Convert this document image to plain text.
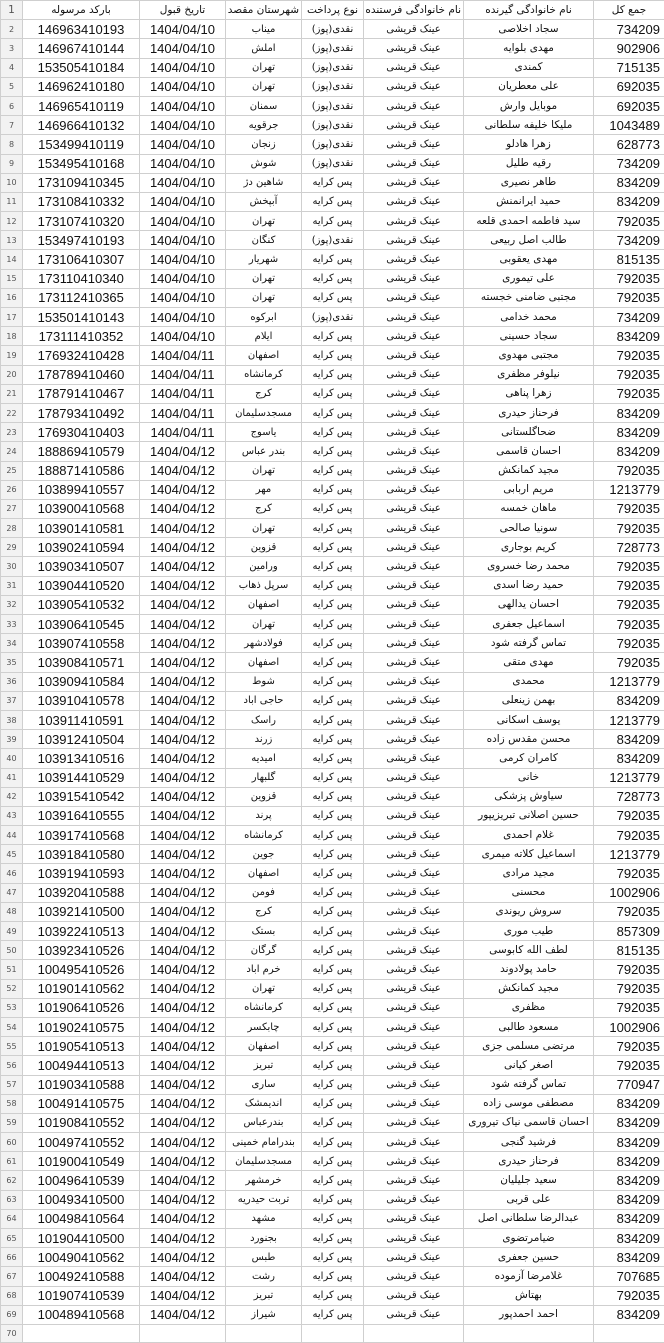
1	بارکد مرسوله	تاریخ قبول	شهرستان مقصد	نوع پرداخت	نام خانوادگی فرستنده	نام خانوادگی گیرنده	جمع کل
2	146963410193	1404/04/10	میناب	نقدی(پوز)	عینک قریشی	سجاد اخلاصی	734209
3	146967410144	1404/04/10	املش	نقدی(پوز)	عینک قریشی	مهدی بلوایه	902906
4	153505410184	1404/04/10	تهران	نقدی(پوز)	عینک قریشی	کمندی	715135
5	146962410180	1404/04/10	تهران	نقدی(پوز)	عینک قریشی	علی معطریان	692035
6	146965410119	1404/04/10	سمنان	نقدی(پوز)	عینک قریشی	موبایل وارش	692035
7	146966410132	1404/04/10	جرقویه	نقدی(پوز)	عینک قریشی	ملیکا خلیفه سلطانی	1043489
8	153499410119	1404/04/10	زنجان	نقدی(پوز)	عینک قریشی	زهرا هادلو	628773
9	153495410168	1404/04/10	شوش	نقدی(پوز)	عینک قریشی	رقیه طلیل	734209
10	173109410345	1404/04/10	شاهین دژ	پس کرایه	عینک قریشی	طاهر نصیری	834209
11	173108410332	1404/04/10	آبپخش	پس کرایه	عینک قریشی	حمید ایرانمنش	834209
12	173107410320	1404/04/10	تهران	پس کرایه	عینک قریشی	سید فاطمه احمدی قلعه	792035
13	153497410193	1404/04/10	کنگان	نقدی(پوز)	عینک قریشی	طالب اصل ربیعی	734209
14	173106410307	1404/04/10	شهریار	پس کرایه	عینک قریشی	مهدی یعقوبی	815135
15	173110410340	1404/04/10	تهران	پس کرایه	عینک قریشی	علی تیموری	792035
16	173112410365	1404/04/10	تهران	پس کرایه	عینک قریشی	مجتبی ضامنی خجسته	792035
17	153501410143	1404/04/10	ابرکوه	نقدی(پوز)	عینک قریشی	محمد خدامی	734209
18	173111410352	1404/04/10	ایلام	پس کرایه	عینک قریشی	سجاد حسینی	834209
19	176932410428	1404/04/11	اصفهان	پس کرایه	عینک قریشی	مجتبی مهدوی	792035
20	178789410460	1404/04/11	کرمانشاه	پس کرایه	عینک قریشی	نیلوفر مظفری	792035
21	178791410467	1404/04/11	کرج	پس کرایه	عینک قریشی	زهرا پناهی	792035
22	178793410492	1404/04/11	مسجدسلیمان	پس کرایه	عینک قریشی	فرحناز حیدری	834209
23	176930410403	1404/04/11	یاسوج	پس کرایه	عینک قریشی	ضحاگلستانی	834209
24	188869410579	1404/04/12	بندر عباس	پس کرایه	عینک قریشی	احسان قاسمی	834209
25	188871410586	1404/04/12	تهران	پس کرایه	عینک قریشی	مجید کمانکش	792035
26	103899410557	1404/04/12	مهر	پس کرایه	عینک قریشی	مریم اربابی	1213779
27	103900410568	1404/04/12	کرج	پس کرایه	عینک قریشی	ماهان خمسه	792035
28	103901410581	1404/04/12	تهران	پس کرایه	عینک قریشی	سونیا صالحی	792035
29	103902410594	1404/04/12	قزوین	پس کرایه	عینک قریشی	کریم بوجاری	728773
30	103903410507	1404/04/12	ورامین	پس کرایه	عینک قریشی	محمد رضا خسروی	792035
31	103904410520	1404/04/12	سرپل ذهاب	پس کرایه	عینک قریشی	حمید رضا اسدی	792035
32	103905410532	1404/04/12	اصفهان	پس کرایه	عینک قریشی	احسان یدالهی	792035
33	103906410545	1404/04/12	تهران	پس کرایه	عینک قریشی	اسماعیل جعفری	792035
34	103907410558	1404/04/12	فولادشهر	پس کرایه	عینک قریشی	تماس گرفته شود	792035
35	103908410571	1404/04/12	اصفهان	پس کرایه	عینک قریشی	مهدی متقی	792035
36	103909410584	1404/04/12	شوط	پس کرایه	عینک قریشی	محمدی	1213779
37	103910410578	1404/04/12	حاجی اباد	پس کرایه	عینک قریشی	بهمن زینعلی	834209
38	103911410591	1404/04/12	راسک	پس کرایه	عینک قریشی	یوسف اسکانی	1213779
39	103912410504	1404/04/12	زرند	پس کرایه	عینک قریشی	محسن مقدس زاده	834209
40	103913410516	1404/04/12	امیدیه	پس کرایه	عینک قریشی	کامران کرمی	834209
41	103914410529	1404/04/12	گلبهار	پس کرایه	عینک قریشی	خانی	1213779
42	103915410542	1404/04/12	قزوین	پس کرایه	عینک قریشی	سیاوش پزشکی	728773
43	103916410555	1404/04/12	پرند	پس کرایه	عینک قریشی	حسین اصلانی تبریزیپور	792035
44	103917410568	1404/04/12	کرمانشاه	پس کرایه	عینک قریشی	غلام احمدی	792035
45	103918410580	1404/04/12	جوین	پس کرایه	عینک قریشی	اسماعیل کلاته میمری	1213779
46	103919410593	1404/04/12	اصفهان	پس کرایه	عینک قریشی	مجید مرادی	792035
47	103920410588	1404/04/12	فومن	پس کرایه	عینک قریشی	محسنی	1002906
48	103921410500	1404/04/12	کرج	پس کرایه	عینک قریشی	سروش ریوندی	792035
49	103922410513	1404/04/12	بستک	پس کرایه	عینک قریشی	طیب موری	857309
50	103923410526	1404/04/12	گرگان	پس کرایه	عینک قریشی	لطف الله کابوسی	815135
51	100495410526	1404/04/12	خرم اباد	پس کرایه	عینک قریشی	حامد پولادوند	792035
52	101901410562	1404/04/12	تهران	پس کرایه	عینک قریشی	مجید کمانکش	792035
53	101906410526	1404/04/12	کرمانشاه	پس کرایه	عینک قریشی	مظفری	792035
54	101902410575	1404/04/12	چابکسر	پس کرایه	عینک قریشی	مسعود طالبی	1002906
55	101905410513	1404/04/12	اصفهان	پس کرایه	عینک قریشی	مرتضی مسلمی جزی	792035
56	100494410513	1404/04/12	تبریز	پس کرایه	عینک قریشی	اصغر کیانی	792035
57	101903410588	1404/04/12	ساری	پس کرایه	عینک قریشی	تماس گرفته شود	770947
58	100491410575	1404/04/12	اندیمشک	پس کرایه	عینک قریشی	مصطفی موسی زاده	834209
59	101908410552	1404/04/12	بندرعباس	پس کرایه	عینک قریشی	احسان قاسمی نیاک تیروری	834209
60	100497410552	1404/04/12	بندرامام خمینی	پس کرایه	عینک قریشی	فرشید گنجی	834209
61	101900410549	1404/04/12	مسجدسلیمان	پس کرایه	عینک قریشی	فرحناز حیدری	834209
62	100496410539	1404/04/12	خرمشهر	پس کرایه	عینک قریشی	سعید جلیلیان	834209
63	100493410500	1404/04/12	تربت حیدریه	پس کرایه	عینک قریشی	علی قربی	834209
64	100498410564	1404/04/12	مشهد	پس کرایه	عینک قریشی	عبدالرضا سلطانی اصل	834209
65	101904410500	1404/04/12	بجنورد	پس کرایه	عینک قریشی	ضیامرتضوی	834209
66	100490410562	1404/04/12	طبس	پس کرایه	عینک قریشی	حسین جعفری	834209
67	100492410588	1404/04/12	رشت	پس کرایه	عینک قریشی	غلامرضا آزموده	707685
68	101907410539	1404/04/12	تبریز	پس کرایه	عینک قریشی	بهتاش	792035
69	100489410568	1404/04/12	شیراز	پس کرایه	عینک قریشی	احمد احمدپور	834209
70							
